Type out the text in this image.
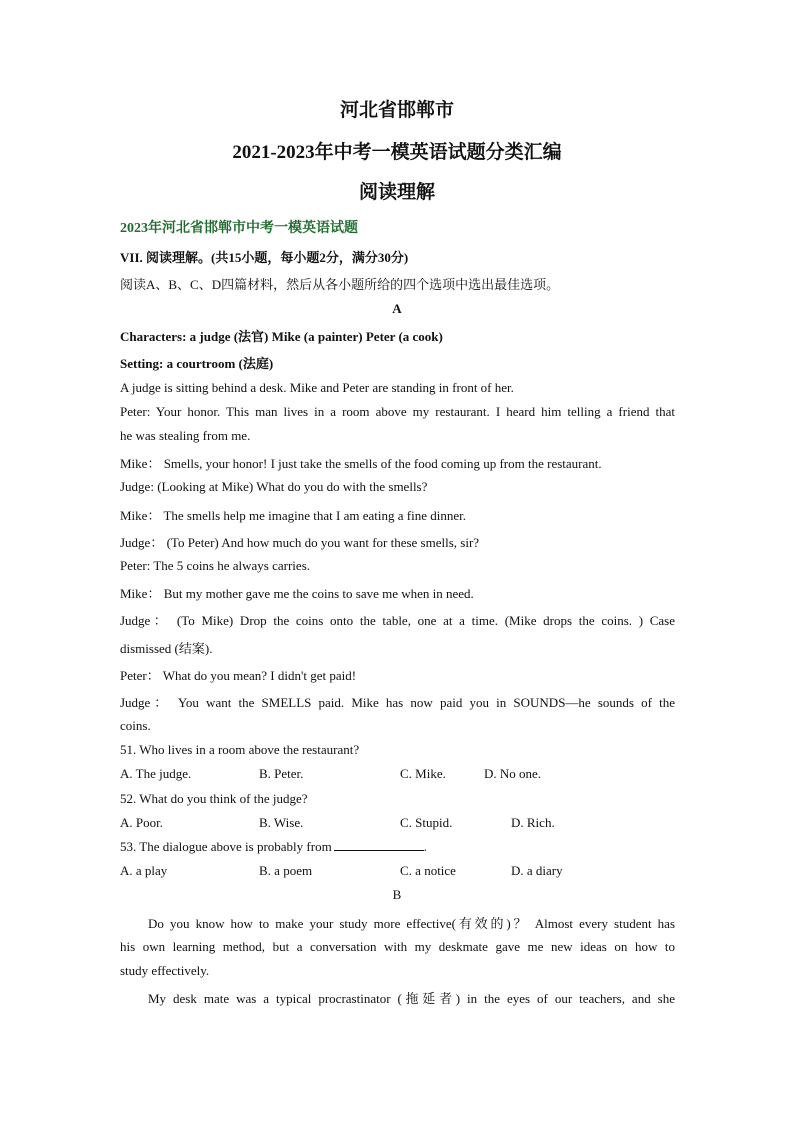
河北省邯郸市
2021-2023年中考一模英语试题分类汇编
阅读理解
2023年河北省邯郸市中考一模英语试题
VII. 阅读理解。(共15小题，每小题2分，满分30分)
阅读A、B、C、D四篇材料，然后从各小题所给的四个选项中选出最佳选项。
A
Characters: a judge (法官) Mike (a painter) Peter (a cook)
Setting: a courtroom (法庭)
A judge is sitting behind a desk. Mike and Peter are standing in front of her.
Peter: Your honor. This man lives in a room above my restaurant. I heard him telling a friend that
he was stealing from me.
Mike： Smells, your honor! I just take the smells of the food coming up from the restaurant.
Judge: (Looking at Mike) What do you do with the smells?
Mike： The smells help me imagine that I am eating a fine dinner.
Judge： (To Peter) And how much do you want for these smells, sir?
Peter: The 5 coins he always carries.
Mike： But my mother gave me the coins to save me when in need.
Judge： (To Mike) Drop the coins onto the table, one at a time. (Mike drops the coins. ) Case
dismissed (结案).
Peter： What do you mean? I didn't get paid!
Judge： You want the SMELLS paid. Mike has now paid you in SOUNDS—he sounds of the
coins.
51. Who lives in a room above the restaurant?
A. The judge.	B. Peter.	C. Mike.	D. No one.
52. What do you think of the judge?
A. Poor.	B. Wise.	C. Stupid.	D. Rich.
53. The dialogue above is probably from	.
A. a play	B. a poem	C. a notice	D. a diary
B
Do you know how to make your study more effective(有效的)？ Almost every student has
his own learning method, but a conversation with my deskmate gave me new ideas on how to
study effectively.
My desk mate was a typical procrastinator (拖延者) in the eyes of our teachers, and she
